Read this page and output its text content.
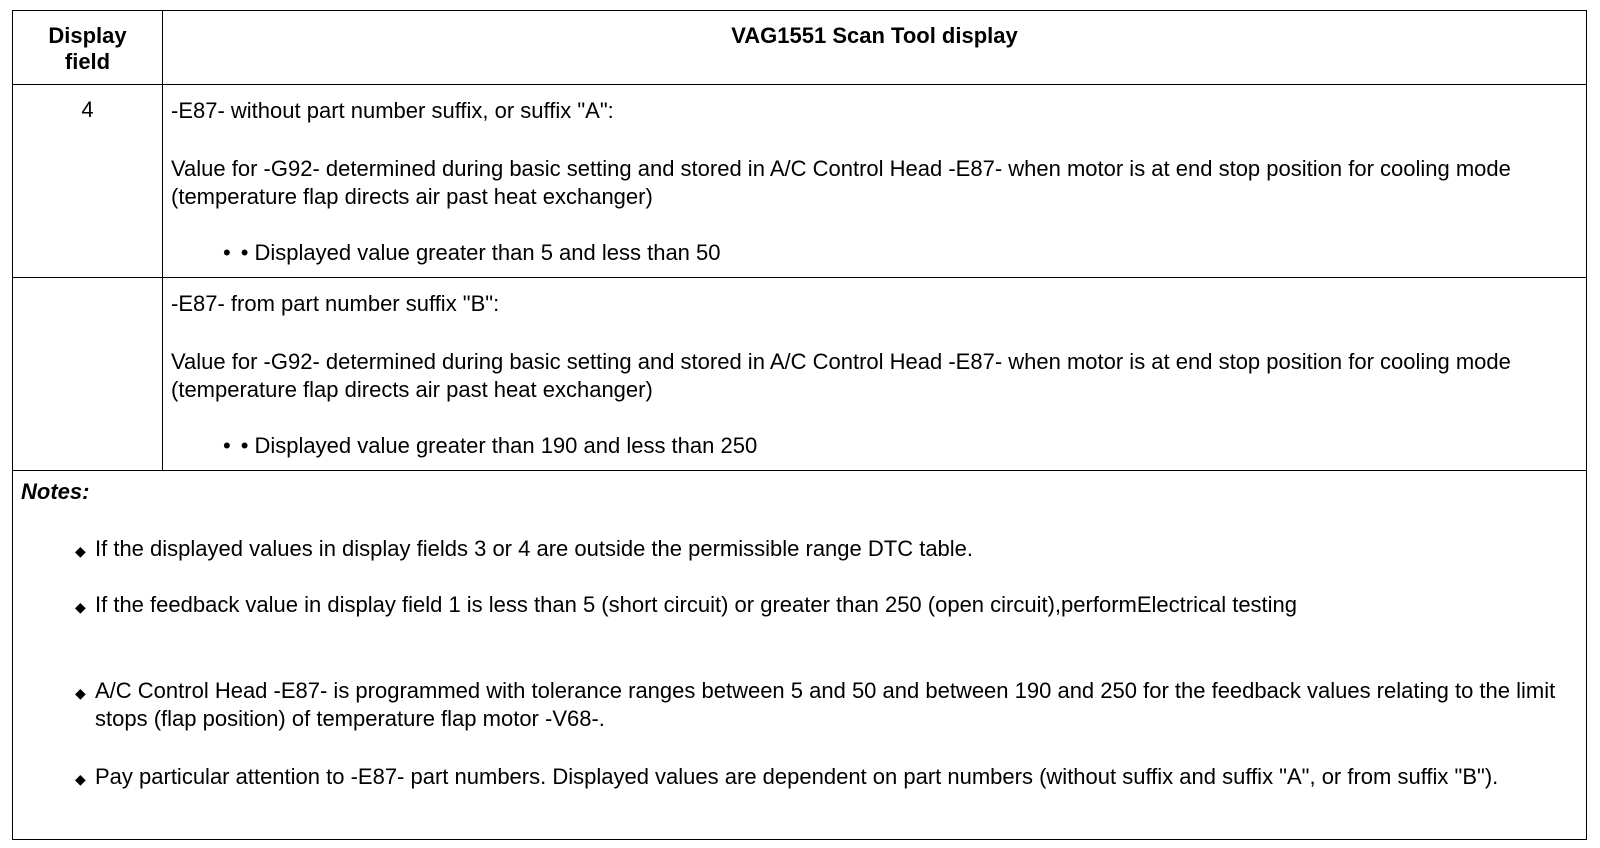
Display field
VAG1551 Scan Tool display
4	-E87- without part number suffix, or suffix "A":

Value for -G92- determined during basic setting and stored in A/C Control Head -E87- when motor is at end stop position for cooling mode (temperature flap directs air past heat exchanger)

• • Displayed value greater than 5 and less than 50

-E87- from part number suffix "B":

Value for -G92- determined during basic setting and stored in A/C Control Head -E87- when motor is at end stop position for cooling mode (temperature flap directs air past heat exchanger)

• • Displayed value greater than 190 and less than 250

Notes:
◆ If the displayed values in display fields 3 or 4 are outside the permissible range DTC table.
◆ If the feedback value in display field 1 is less than 5 (short circuit) or greater than 250 (open circuit),performElectrical testing
◆ A/C Control Head -E87- is programmed with tolerance ranges between 5 and 50 and between 190 and 250 for the feedback values relating to the limit stops (flap position) of temperature flap motor -V68-.
◆ Pay particular attention to -E87- part numbers. Displayed values are dependent on part numbers (without suffix and suffix "A", or from suffix "B").
